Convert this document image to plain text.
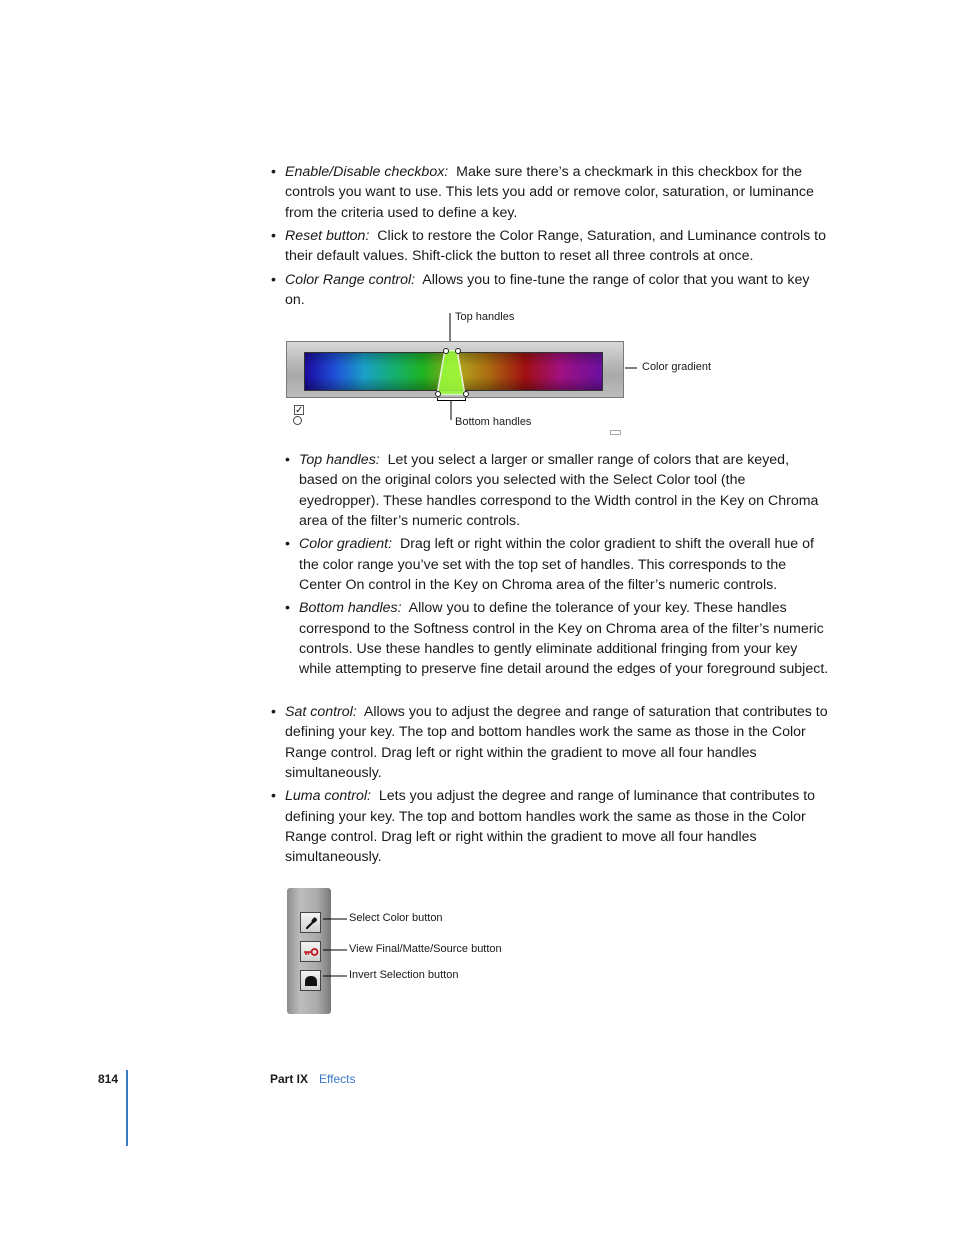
• Enable/Disable checkbox: Make sure there’s a checkmark in this checkbox for the controls you want to use. This lets you add or remove color, saturation, or luminance from the criteria used to define a key.
• Reset button: Click to restore the Color Range, Saturation, and Luminance controls to their default values. Shift-click the button to reset all three controls at once.
• Color Range control: Allows you to fine-tune the range of color that you want to key on.
✓
Top handles
Color gradient
Bottom handles
• Top handles: Let you select a larger or smaller range of colors that are keyed, based on the original colors you selected with the Select Color tool (the eyedropper). These handles correspond to the Width control in the Key on Chroma area of the filter’s numeric controls.
• Color gradient: Drag left or right within the color gradient to shift the overall hue of the color range you’ve set with the top set of handles. This corresponds to the Center On control in the Key on Chroma area of the filter’s numeric controls.
• Bottom handles: Allow you to define the tolerance of your key. These handles correspond to the Softness control in the Key on Chroma area of the filter’s numeric controls. Use these handles to gently eliminate additional fringing from your key while attempting to preserve fine detail around the edges of your foreground subject.
• Sat control: Allows you to adjust the degree and range of saturation that contributes to defining your key. The top and bottom handles work the same as those in the Color Range control. Drag left or right within the gradient to move all four handles simultaneously.
• Luma control: Lets you adjust the degree and range of luminance that contributes to defining your key. The top and bottom handles work the same as those in the Color Range control. Drag left or right within the gradient to move all four handles simultaneously.
Select Color button
View Final/Matte/Source button
Invert Selection button
814	Part IX Effects
